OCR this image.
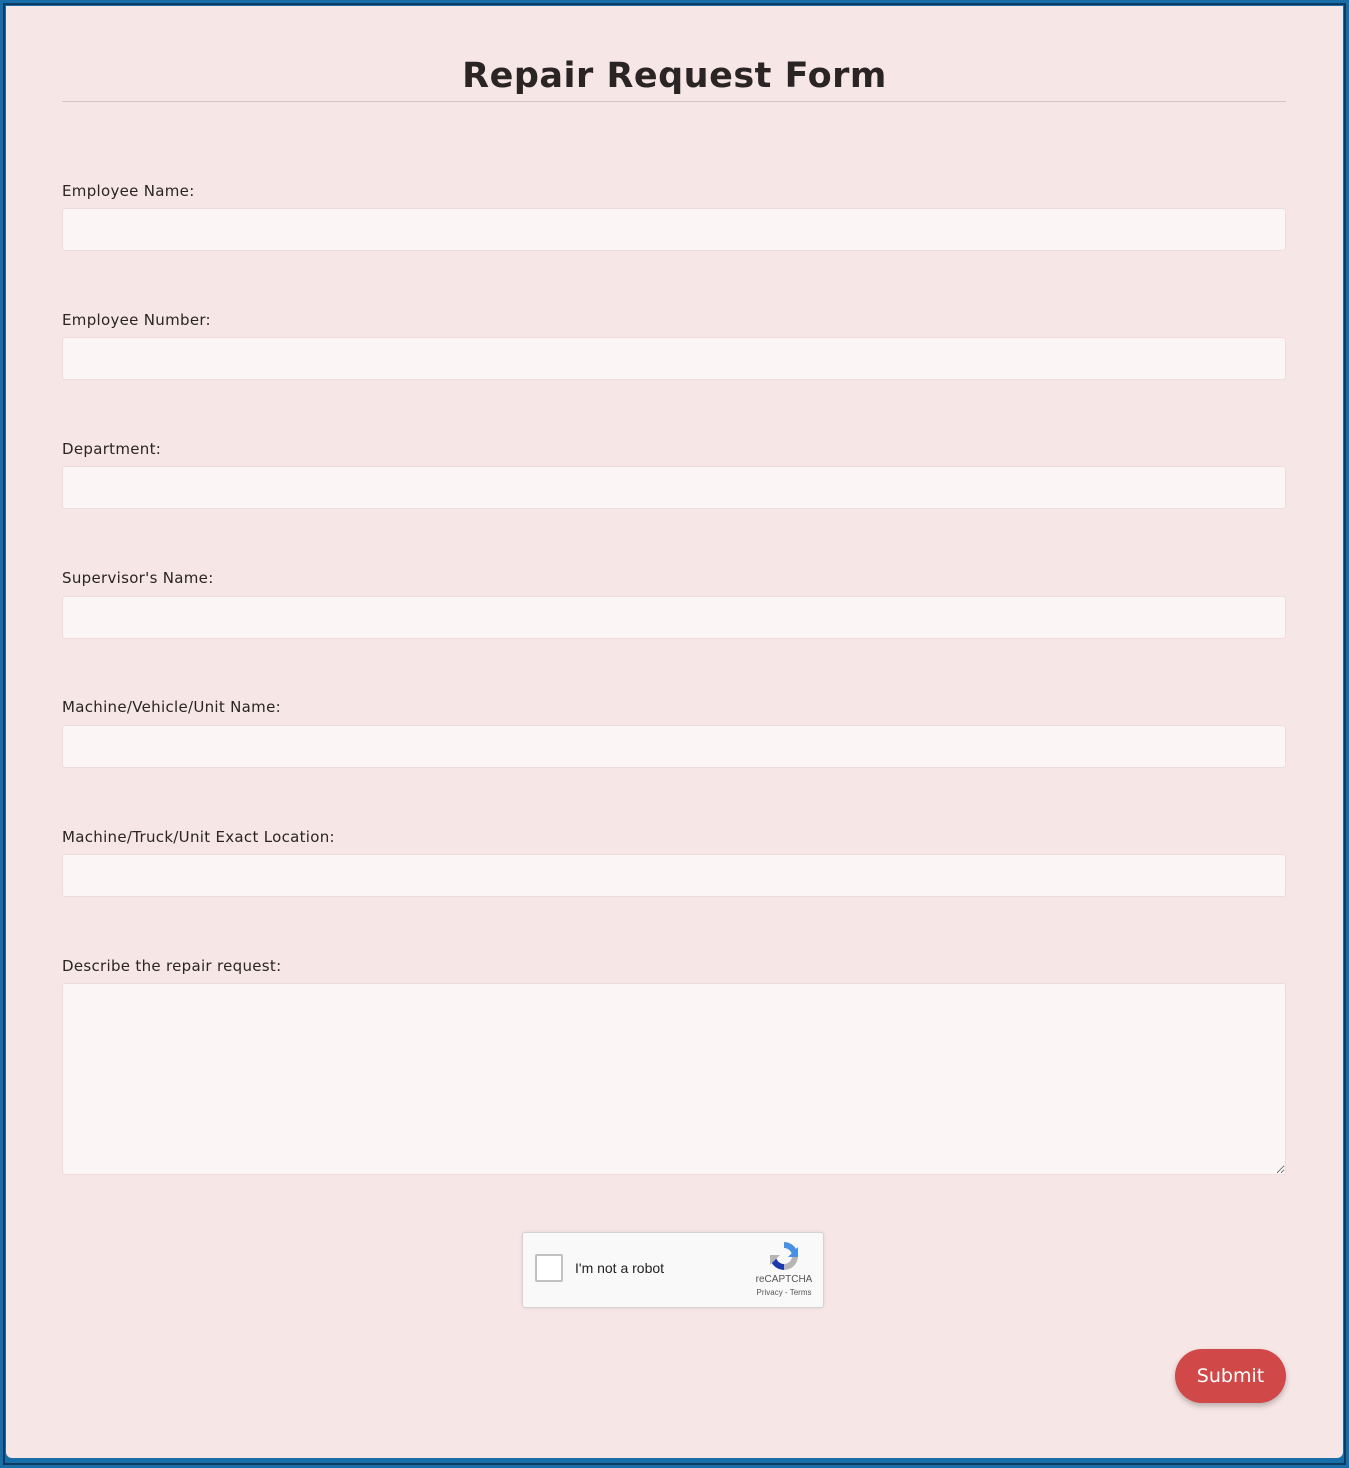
Repair Request Form
Employee Name:
Employee Number:
Department:
Supervisor's Name:
Machine/Vehicle/Unit Name:
Machine/Truck/Unit Exact Location:
Describe the repair request:
I'm not a robot
reCAPTCHA
Privacy - Terms
Submit
